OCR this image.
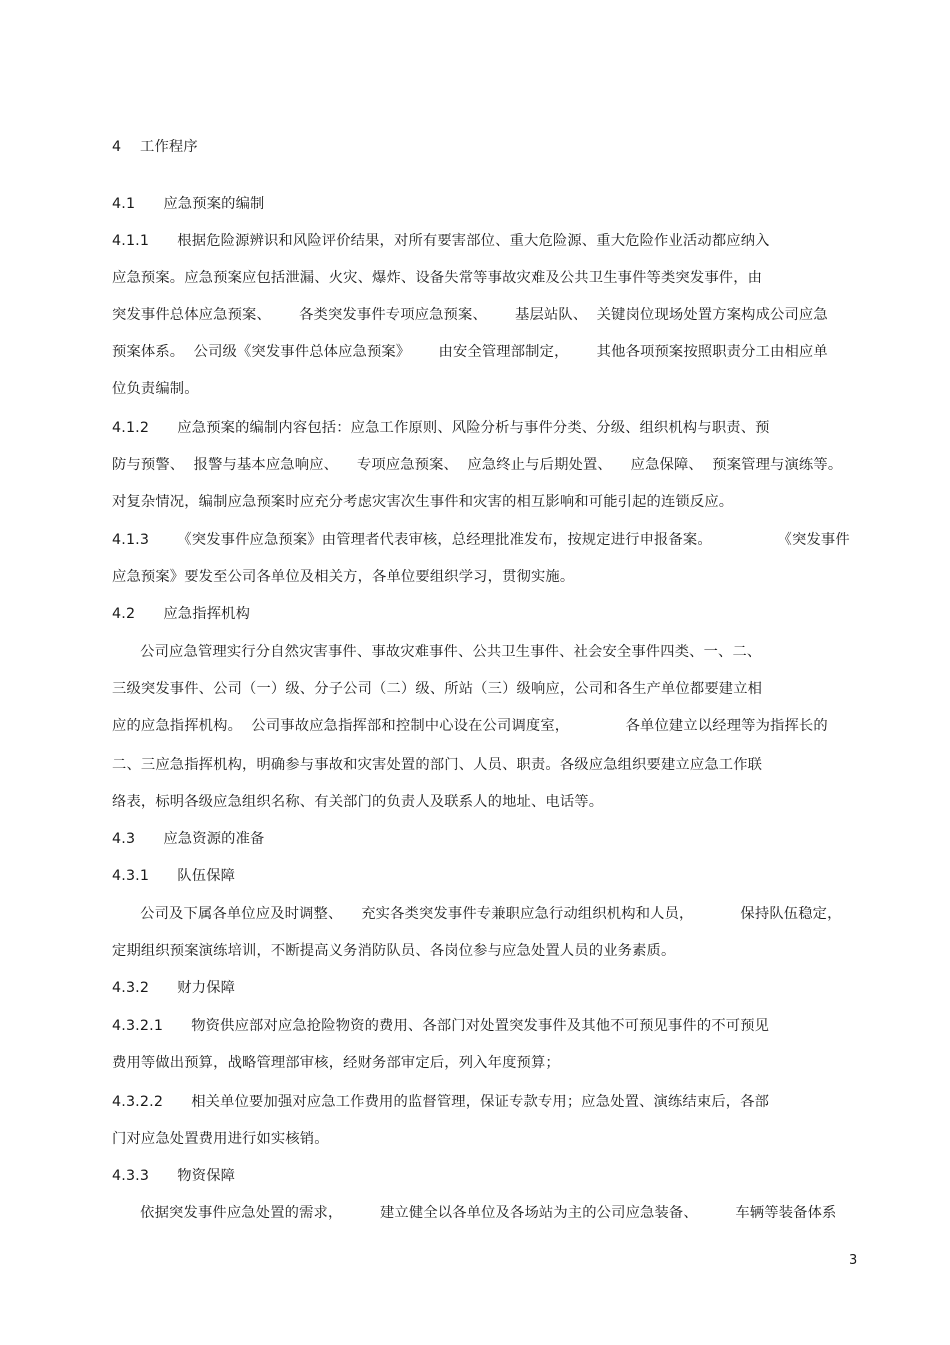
4    工作程序

4.1      应急预案的编制

4.1.1      根据危险源辨识和风险评价结果，对所有要害部位、重大危险源、重大危险作业活动都应纳入

应急预案。应急预案应包括泄漏、火灾、爆炸、设备失常等事故灾难及公共卫生事件等类突发事件，由

突发事件总体应急预案、      各类突发事件专项应急预案、      基层站队、  关键岗位现场处置方案构成公司应急

预案体系。  公司级《突发事件总体应急预案》      由安全管理部制定，      其他各项预案按照职责分工由相应单

位负责编制。

4.1.2      应急预案的编制内容包括：应急工作原则、风险分析与事件分类、分级、组织机构与职责、预

防与预警、  报警与基本应急响应、    专项应急预案、  应急终止与后期处置、    应急保障、  预案管理与演练等。

对复杂情况，编制应急预案时应充分考虑灾害次生事件和灾害的相互影响和可能引起的连锁反应。

4.1.3      《突发事件应急预案》由管理者代表审核，总经理批准发布，按规定进行申报备案。              《突发事件

应急预案》要发至公司各单位及相关方，各单位要组织学习，贯彻实施。

4.2      应急指挥机构

公司应急管理实行分自然灾害事件、事故灾难事件、公共卫生事件、社会安全事件四类、一、二、

三级突发事件、公司（一）级、分子公司（二）级、所站（三）级响应，公司和各生产单位都要建立相

应的应急指挥机构。  公司事故应急指挥部和控制中心设在公司调度室，            各单位建立以经理等为指挥长的

二、三应急指挥机构，明确参与事故和灾害处置的部门、人员、职责。各级应急组织要建立应急工作联

络表，标明各级应急组织名称、有关部门的负责人及联系人的地址、电话等。

4.3      应急资源的准备

4.3.1      队伍保障

公司及下属各单位应及时调整、    充实各类突发事件专兼职应急行动组织机构和人员，          保持队伍稳定，

定期组织预案演练培训，不断提高义务消防队员、各岗位参与应急处置人员的业务素质。

4.3.2      财力保障

4.3.2.1      物资供应部对应急抢险物资的费用、各部门对处置突发事件及其他不可预见事件的不可预见

费用等做出预算，战略管理部审核，经财务部审定后，列入年度预算；

4.3.2.2      相关单位要加强对应急工作费用的监督管理，保证专款专用；应急处置、演练结束后，各部

门对应急处置费用进行如实核销。

4.3.3      物资保障

依据突发事件应急处置的需求，        建立健全以各单位及各场站为主的公司应急装备、        车辆等装备体系

3
